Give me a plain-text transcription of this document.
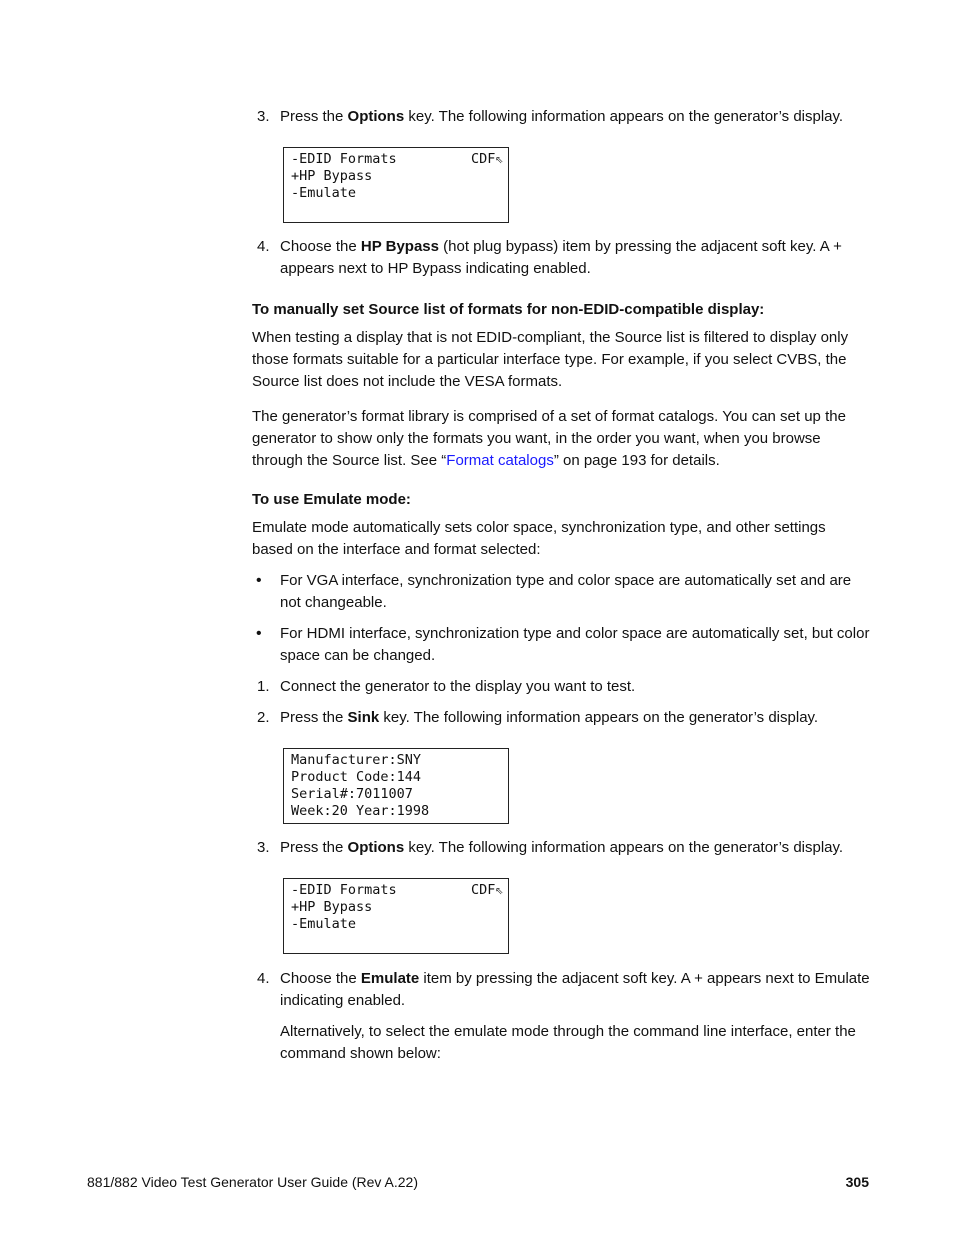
3. Press the Options key. The following information appears on the generator’s display.
-EDID Formats	CDF⇖
+HP Bypass
-Emulate
4. Choose the HP Bypass (hot plug bypass) item by pressing the adjacent soft key. A + appears next to HP Bypass indicating enabled.
To manually set Source list of formats for non-EDID-compatible display:
When testing a display that is not EDID-compliant, the Source list is filtered to display only those formats suitable for a particular interface type. For example, if you select CVBS, the Source list does not include the VESA formats.
The generator’s format library is comprised of a set of format catalogs. You can set up the generator to show only the formats you want, in the order you want, when you browse through the Source list. See “Format catalogs” on page 193 for details.
To use Emulate mode:
Emulate mode automatically sets color space, synchronization type, and other settings based on the interface and format selected:
• For VGA interface, synchronization type and color space are automatically set and are not changeable.
• For HDMI interface, synchronization type and color space are automatically set, but color space can be changed.
1. Connect the generator to the display you want to test.
2. Press the Sink key. The following information appears on the generator’s display.
Manufacturer:SNY
Product Code:144
Serial#:7011007
Week:20 Year:1998
3. Press the Options key. The following information appears on the generator’s display.
-EDID Formats	CDF⇖
+HP Bypass
-Emulate
4. Choose the Emulate item by pressing the adjacent soft key. A + appears next to Emulate indicating enabled.
Alternatively, to select the emulate mode through the command line interface, enter the command shown below:
881/882 Video Test Generator User Guide (Rev A.22)	305
